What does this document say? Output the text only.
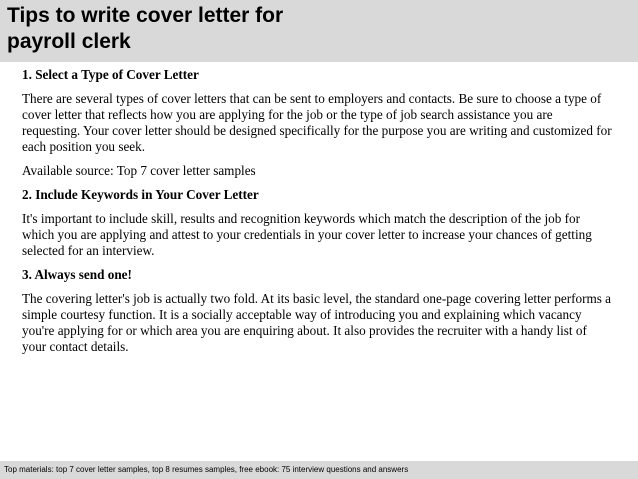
Tips to write cover letter for
payroll clerk

1. Select a Type of Cover Letter

There are several types of cover letters that can be sent to employers and contacts. Be sure to choose a type of cover letter that reflects how you are applying for the job or the type of job search assistance you are requesting. Your cover letter should be designed specifically for the purpose you are writing and customized for each position you seek.

Available source: Top 7 cover letter samples

2. Include Keywords in Your Cover Letter

It's important to include skill, results and recognition keywords which match the description of the job for which you are applying and attest to your credentials in your cover letter to increase your chances of getting selected for an interview.

3. Always send one!

The covering letter's job is actually two fold. At its basic level, the standard one-page covering letter performs a simple courtesy function. It is a socially acceptable way of introducing you and explaining which vacancy you're applying for or which area you are enquiring about. It also provides the recruiter with a handy list of your contact details.

Top materials: top 7 cover letter samples, top 8 resumes samples, free ebook: 75 interview questions and answers
